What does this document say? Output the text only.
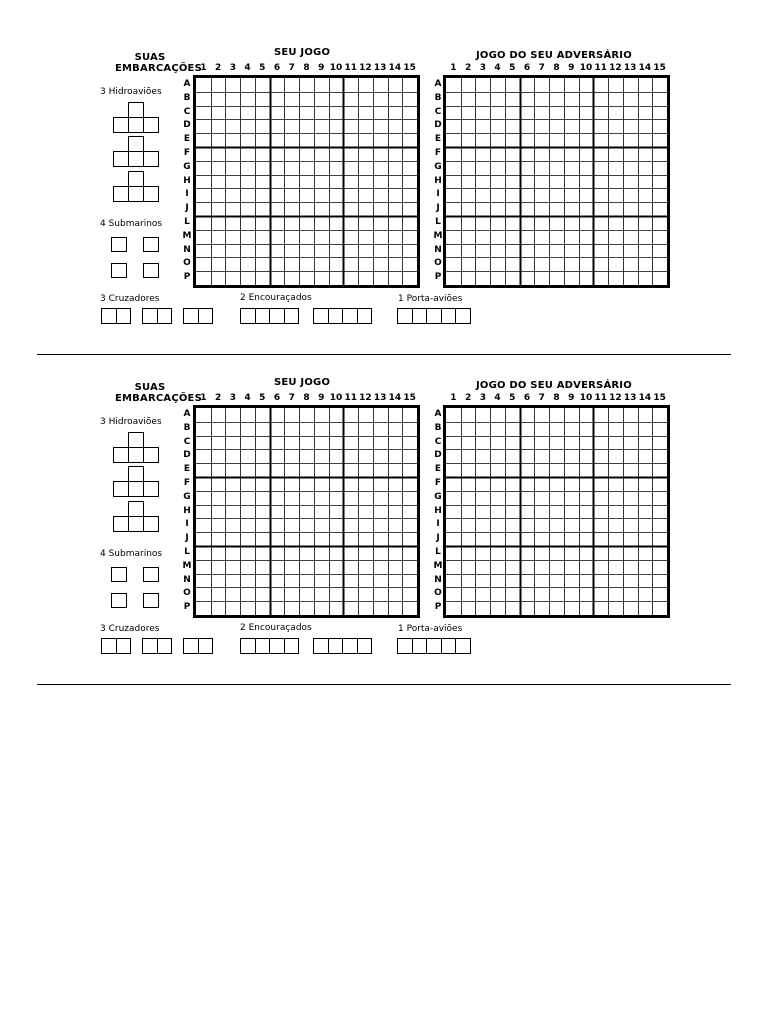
SUAS
EMBARCAÇÕES
SEU JOGO	JOGO DO SEU ADVERSÁRIO
1 2 3 4 5 6 7 8 9 10 11 12 13 14 15	1 2 3 4 5 6 7 8 9 10 11 12 13 14 15
A
B
C
D
E
F
G
H
I
J
L
M
N
O
P
A
B
C
D
E
F
G
H
I
J
L
M
N
O
P
3 Hidroaviões
4 Submarinos
3 Cruzadores	2 Encouraçados	1 Porta-aviões
SUAS
EMBARCAÇÕES
SEU JOGO	JOGO DO SEU ADVERSÁRIO
1 2 3 4 5 6 7 8 9 10 11 12 13 14 15	1 2 3 4 5 6 7 8 9 10 11 12 13 14 15
A
B
C
D
E
F
G
H
I
J
L
M
N
O
P
A
B
C
D
E
F
G
H
I
J
L
M
N
O
P
3 Hidroaviões
4 Submarinos
3 Cruzadores	2 Encouraçados	1 Porta-aviões
